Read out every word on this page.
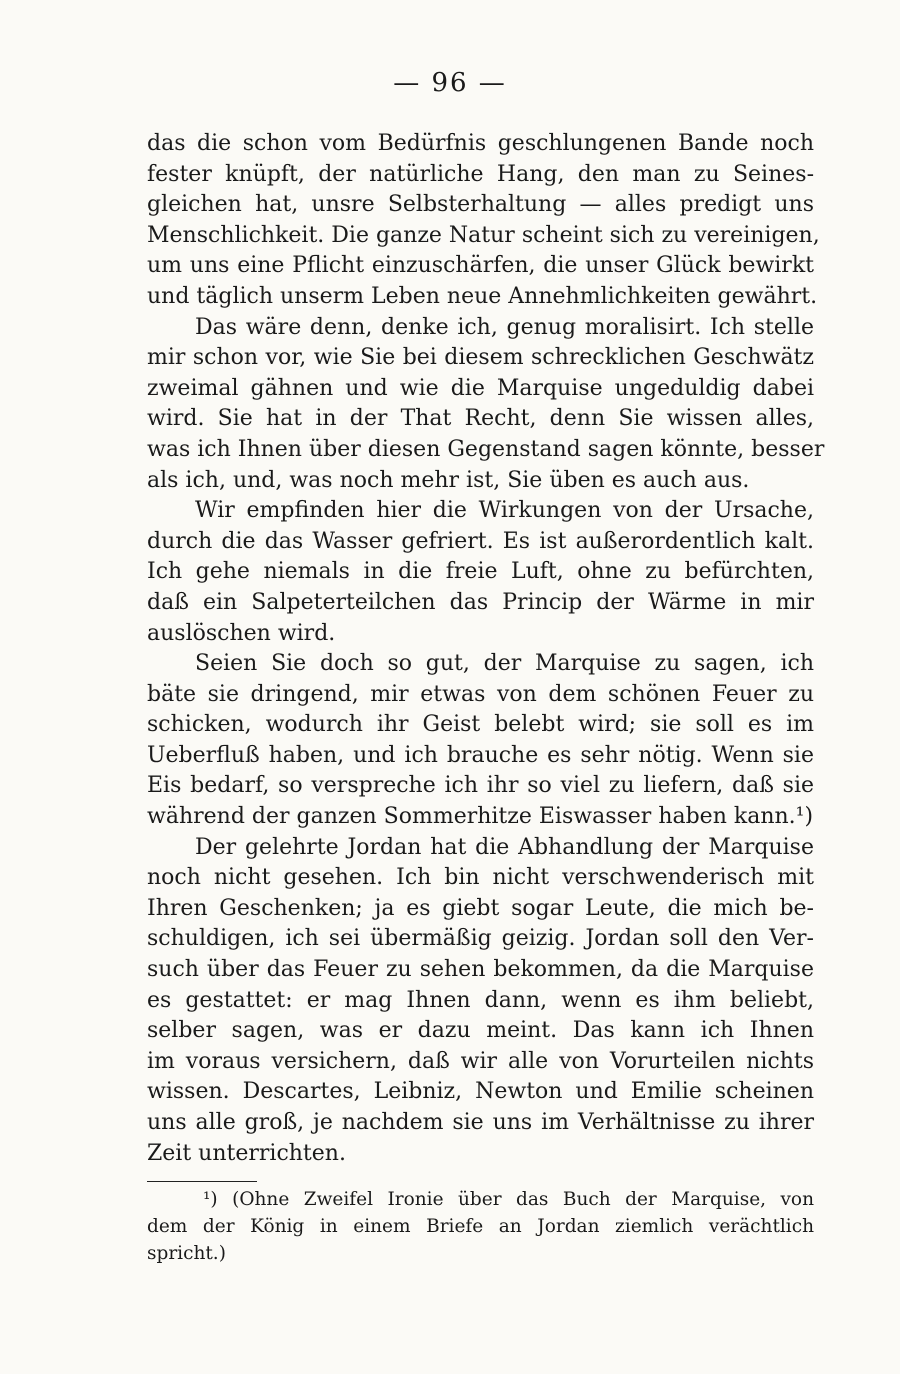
— 96 —
das die schon vom Bedürfnis geschlungenen Bande noch
fester knüpft, der natürliche Hang, den man zu Seines-
gleichen hat, unsre Selbsterhaltung — alles predigt uns
Menschlichkeit. Die ganze Natur scheint sich zu vereinigen,
um uns eine Pflicht einzuschärfen, die unser Glück bewirkt
und täglich unserm Leben neue Annehmlichkeiten gewährt.
Das wäre denn, denke ich, genug moralisirt. Ich stelle
mir schon vor, wie Sie bei diesem schrecklichen Geschwätz
zweimal gähnen und wie die Marquise ungeduldig dabei
wird. Sie hat in der That Recht, denn Sie wissen alles,
was ich Ihnen über diesen Gegenstand sagen könnte, besser
als ich, und, was noch mehr ist, Sie üben es auch aus.
Wir empfinden hier die Wirkungen von der Ursache,
durch die das Wasser gefriert. Es ist außerordentlich kalt.
Ich gehe niemals in die freie Luft, ohne zu befürchten,
daß ein Salpeterteilchen das Princip der Wärme in mir
auslöschen wird.
Seien Sie doch so gut, der Marquise zu sagen, ich
bäte sie dringend, mir etwas von dem schönen Feuer zu
schicken, wodurch ihr Geist belebt wird; sie soll es im
Ueberfluß haben, und ich brauche es sehr nötig. Wenn sie
Eis bedarf, so verspreche ich ihr so viel zu liefern, daß sie
während der ganzen Sommerhitze Eiswasser haben kann.¹)
Der gelehrte Jordan hat die Abhandlung der Marquise
noch nicht gesehen. Ich bin nicht verschwenderisch mit
Ihren Geschenken; ja es giebt sogar Leute, die mich be-
schuldigen, ich sei übermäßig geizig. Jordan soll den Ver-
such über das Feuer zu sehen bekommen, da die Marquise
es gestattet: er mag Ihnen dann, wenn es ihm beliebt,
selber sagen, was er dazu meint. Das kann ich Ihnen
im voraus versichern, daß wir alle von Vorurteilen nichts
wissen. Descartes, Leibniz, Newton und Emilie scheinen
uns alle groß, je nachdem sie uns im Verhältnisse zu ihrer
Zeit unterrichten.
¹) (Ohne Zweifel Ironie über das Buch der Marquise, von
dem der König in einem Briefe an Jordan ziemlich verächtlich
spricht.)
